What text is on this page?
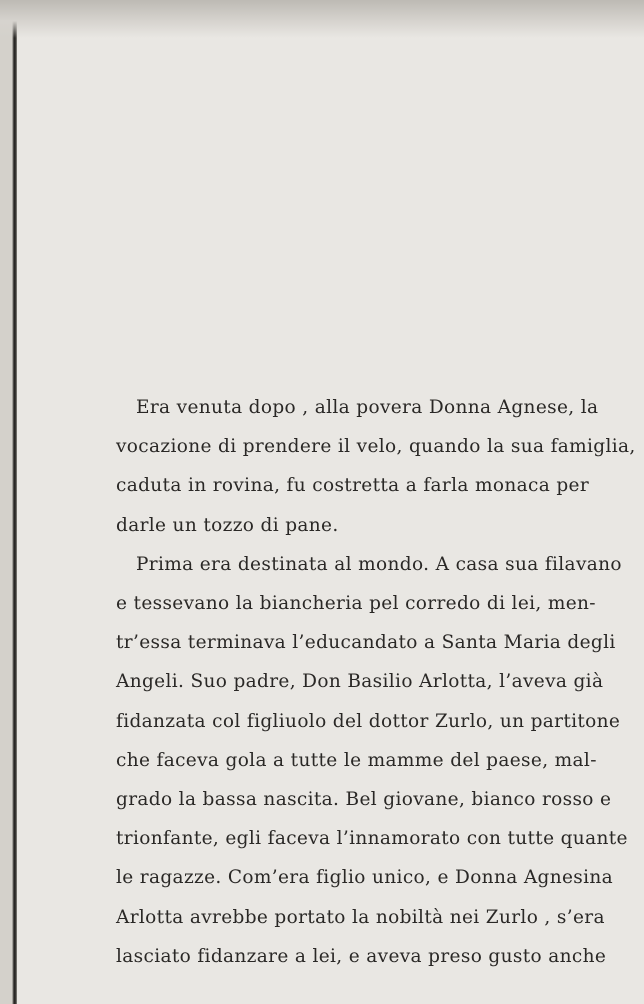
Era venuta dopo , alla povera Donna Agnese, la
vocazione di prendere il velo, quando la sua famiglia,
caduta in rovina, fu costretta a farla monaca per
darle un tozzo di pane.
Prima era destinata al mondo. A casa sua filavano
e tessevano la biancheria pel corredo di lei, men-
tr’essa terminava l’educandato a Santa Maria degli
Angeli. Suo padre, Don Basilio Arlotta, l’aveva già
fidanzata col figliuolo del dottor Zurlo, un partitone
che faceva gola a tutte le mamme del paese, mal-
grado la bassa nascita. Bel giovane, bianco rosso e
trionfante, egli faceva l’innamorato con tutte quante
le ragazze. Com’era figlio unico, e Donna Agnesina
Arlotta avrebbe portato la nobiltà nei Zurlo , s’era
lasciato fidanzare a lei, e aveva preso gusto anche
